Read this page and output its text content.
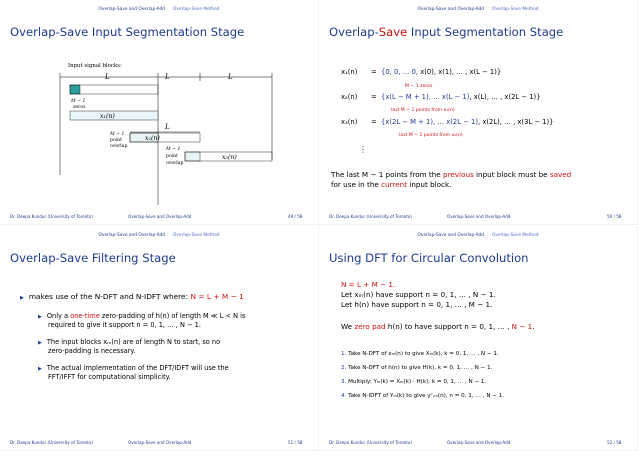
Overlap-Save and Overlap-Add Overlap-Save Method
Overlap-Save Input Segmentation Stage
Input signal blocks:
L	L	L
M − 1
zeros
x₁(n)
L
x₂(n)
M − 1
point
overlap
x₃(n)
M − 1
point
overlap
Dr. Deepa Kundur (University of Toronto)	Overlap-Save and Overlap-Add	49 / 58
Overlap-Save and Overlap-Add Overlap-Save Method
Overlap-Save Input Segmentation Stage
x₁(n) = {0, 0, … 0, x(0), x(1), … , x(L − 1)}
M − 1 zeros
x₂(n) = {x(L − M + 1), … x(L − 1), x(L), … , x(2L − 1)}
last M − 1 points from x₁(n)
x₃(n) = {x(2L − M + 1), … x(2L − 1), x(2L), … , x(3L − 1)}
last M − 1 points from x₂(n)
⋮
The last M − 1 points from the previous input block must be saved
for use in the current input block.
Dr. Deepa Kundur (University of Toronto)	Overlap-Save and Overlap-Add	50 / 58
Overlap-Save and Overlap-Add Overlap-Save Method
Overlap-Save Filtering Stage
▶ makes use of the N-DFT and N-IDFT where: N = L + M − 1
▶ Only a one-time zero-padding of h(n) of length M ≪ L < N is
required to give it support n = 0, 1, … , N − 1.
▶ The input blocks xₘ(n) are of length N to start, so no
zero-padding is necessary.
▶ The actual implementation of the DFT/IDFT will use the
FFT/IFFT for computational simplicity.
Dr. Deepa Kundur (University of Toronto)	Overlap-Save and Overlap-Add	51 / 58
Overlap-Save and Overlap-Add Overlap-Save Method
Using DFT for Circular Convolution
N = L + M − 1.
Let xₘ(n) have support n = 0, 1, … , N − 1.
Let h(n) have support n = 0, 1, … , M − 1.
We zero pad h(n) to have support n = 0, 1, … , N − 1.
1. Take N-DFT of xₘ(n) to give Xₘ(k), k = 0, 1, … , N − 1.
2. Take N-DFT of h(n) to give H(k), k = 0, 1, … , N − 1.
3. Multiply: Yₘ(k) = Xₘ(k) · H(k), k = 0, 1, … , N − 1.
4. Take N-IDFT of Yₘ(k) to give yᶜ,ₘ(n), n = 0, 1, … , N − 1.
Dr. Deepa Kundur (University of Toronto)	Overlap-Save and Overlap-Add	52 / 58
